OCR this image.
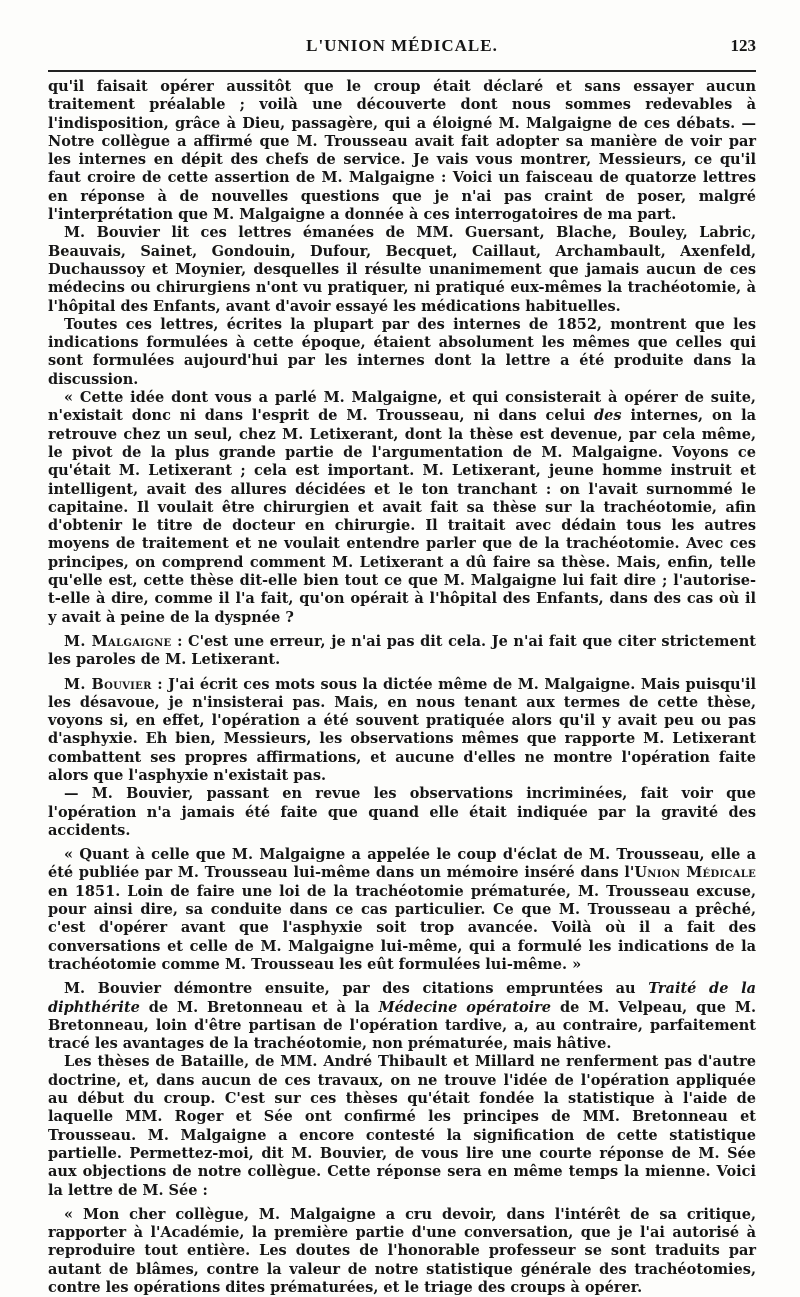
L'UNION MÉDICALE.	123

qu'il faisait opérer aussitôt que le croup était déclaré et sans essayer aucun traitement préalable ; voilà une découverte dont nous sommes redevables à l'indisposition, grâce à Dieu, passagère, qui a éloigné M. Malgaigne de ces débats. — Notre collègue a affirmé que M. Trousseau avait fait adopter sa manière de voir par les internes en dépit des chefs de service. Je vais vous montrer, Messieurs, ce qu'il faut croire de cette assertion de M. Malgaigne : Voici un faisceau de quatorze lettres en réponse à de nouvelles questions que je n'ai pas craint de poser, malgré l'interprétation que M. Malgaigne a donnée à ces interrogatoires de ma part.

M. Bouvier lit ces lettres émanées de MM. Guersant, Blache, Bouley, Labric, Beauvais, Sainet, Gondouin, Dufour, Becquet, Caillaut, Archambault, Axenfeld, Duchaussoy et Moynier, desquelles il résulte unanimement que jamais aucun de ces médecins ou chirurgiens n'ont vu pratiquer, ni pratiqué eux-mêmes la trachéotomie, à l'hôpital des Enfants, avant d'avoir essayé les médications habituelles.

Toutes ces lettres, écrites la plupart par des internes de 1852, montrent que les indications formulées à cette époque, étaient absolument les mêmes que celles qui sont formulées aujourd'hui par les internes dont la lettre a été produite dans la discussion.

« Cette idée dont vous a parlé M. Malgaigne, et qui consisterait à opérer de suite, n'existait donc ni dans l'esprit de M. Trousseau, ni dans celui des internes, on la retrouve chez un seul, chez M. Letixerant, dont la thèse est devenue, par cela même, le pivot de la plus grande partie de l'argumentation de M. Malgaigne. Voyons ce qu'était M. Letixerant ; cela est important. M. Letixerant, jeune homme instruit et intelligent, avait des allures décidées et le ton tranchant : on l'avait surnommé le capitaine. Il voulait être chirurgien et avait fait sa thèse sur la trachéotomie, afin d'obtenir le titre de docteur en chirurgie. Il traitait avec dédain tous les autres moyens de traitement et ne voulait entendre parler que de la trachéotomie. Avec ces principes, on comprend comment M. Letixerant a dû faire sa thèse. Mais, enfin, telle qu'elle est, cette thèse dit-elle bien tout ce que M. Malgaigne lui fait dire ; l'autorise-t-elle à dire, comme il l'a fait, qu'on opérait à l'hôpital des Enfants, dans des cas où il y avait à peine de la dyspnée ?

M. Malgaigne : C'est une erreur, je n'ai pas dit cela. Je n'ai fait que citer strictement les paroles de M. Letixerant.

M. Bouvier : J'ai écrit ces mots sous la dictée même de M. Malgaigne. Mais puisqu'il les désavoue, je n'insisterai pas. Mais, en nous tenant aux termes de cette thèse, voyons si, en effet, l'opération a été souvent pratiquée alors qu'il y avait peu ou pas d'asphyxie. Eh bien, Messieurs, les observations mêmes que rapporte M. Letixerant combattent ses propres affirmations, et aucune d'elles ne montre l'opération faite alors que l'asphyxie n'existait pas.

— M. Bouvier, passant en revue les observations incriminées, fait voir que l'opération n'a jamais été faite que quand elle était indiquée par la gravité des accidents.

« Quant à celle que M. Malgaigne a appelée le coup d'éclat de M. Trousseau, elle a été publiée par M. Trousseau lui-même dans un mémoire inséré dans l'Union Médicale en 1851. Loin de faire une loi de la trachéotomie prématurée, M. Trousseau excuse, pour ainsi dire, sa conduite dans ce cas particulier. Ce que M. Trousseau a prêché, c'est d'opérer avant que l'asphyxie soit trop avancée. Voilà où il a fait des conversations et celle de M. Malgaigne lui-même, qui a formulé les indications de la trachéotomie comme M. Trousseau les eût formulées lui-même. »

M. Bouvier démontre ensuite, par des citations empruntées au Traité de la diphthérite de M. Bretonneau et à la Médecine opératoire de M. Velpeau, que M. Bretonneau, loin d'être partisan de l'opération tardive, a, au contraire, parfaitement tracé les avantages de la trachéotomie, non prématurée, mais hâtive.

Les thèses de Bataille, de MM. André Thibault et Millard ne renferment pas d'autre doctrine, et, dans aucun de ces travaux, on ne trouve l'idée de l'opération appliquée au début du croup. C'est sur ces thèses qu'était fondée la statistique à l'aide de laquelle MM. Roger et Sée ont confirmé les principes de MM. Bretonneau et Trousseau. M. Malgaigne a encore contesté la signification de cette statistique partielle. Permettez-moi, dit M. Bouvier, de vous lire une courte réponse de M. Sée aux objections de notre collègue. Cette réponse sera en même temps la mienne. Voici la lettre de M. Sée :

« Mon cher collègue, M. Malgaigne a cru devoir, dans l'intérêt de sa critique, rapporter à l'Académie, la première partie d'une conversation, que je l'ai autorisé à reproduire tout entière. Les doutes de l'honorable professeur se sont traduits par autant de blâmes, contre la valeur de notre statistique générale des trachéotomies, contre les opérations dites prématurées, et le triage des croups à opérer.
